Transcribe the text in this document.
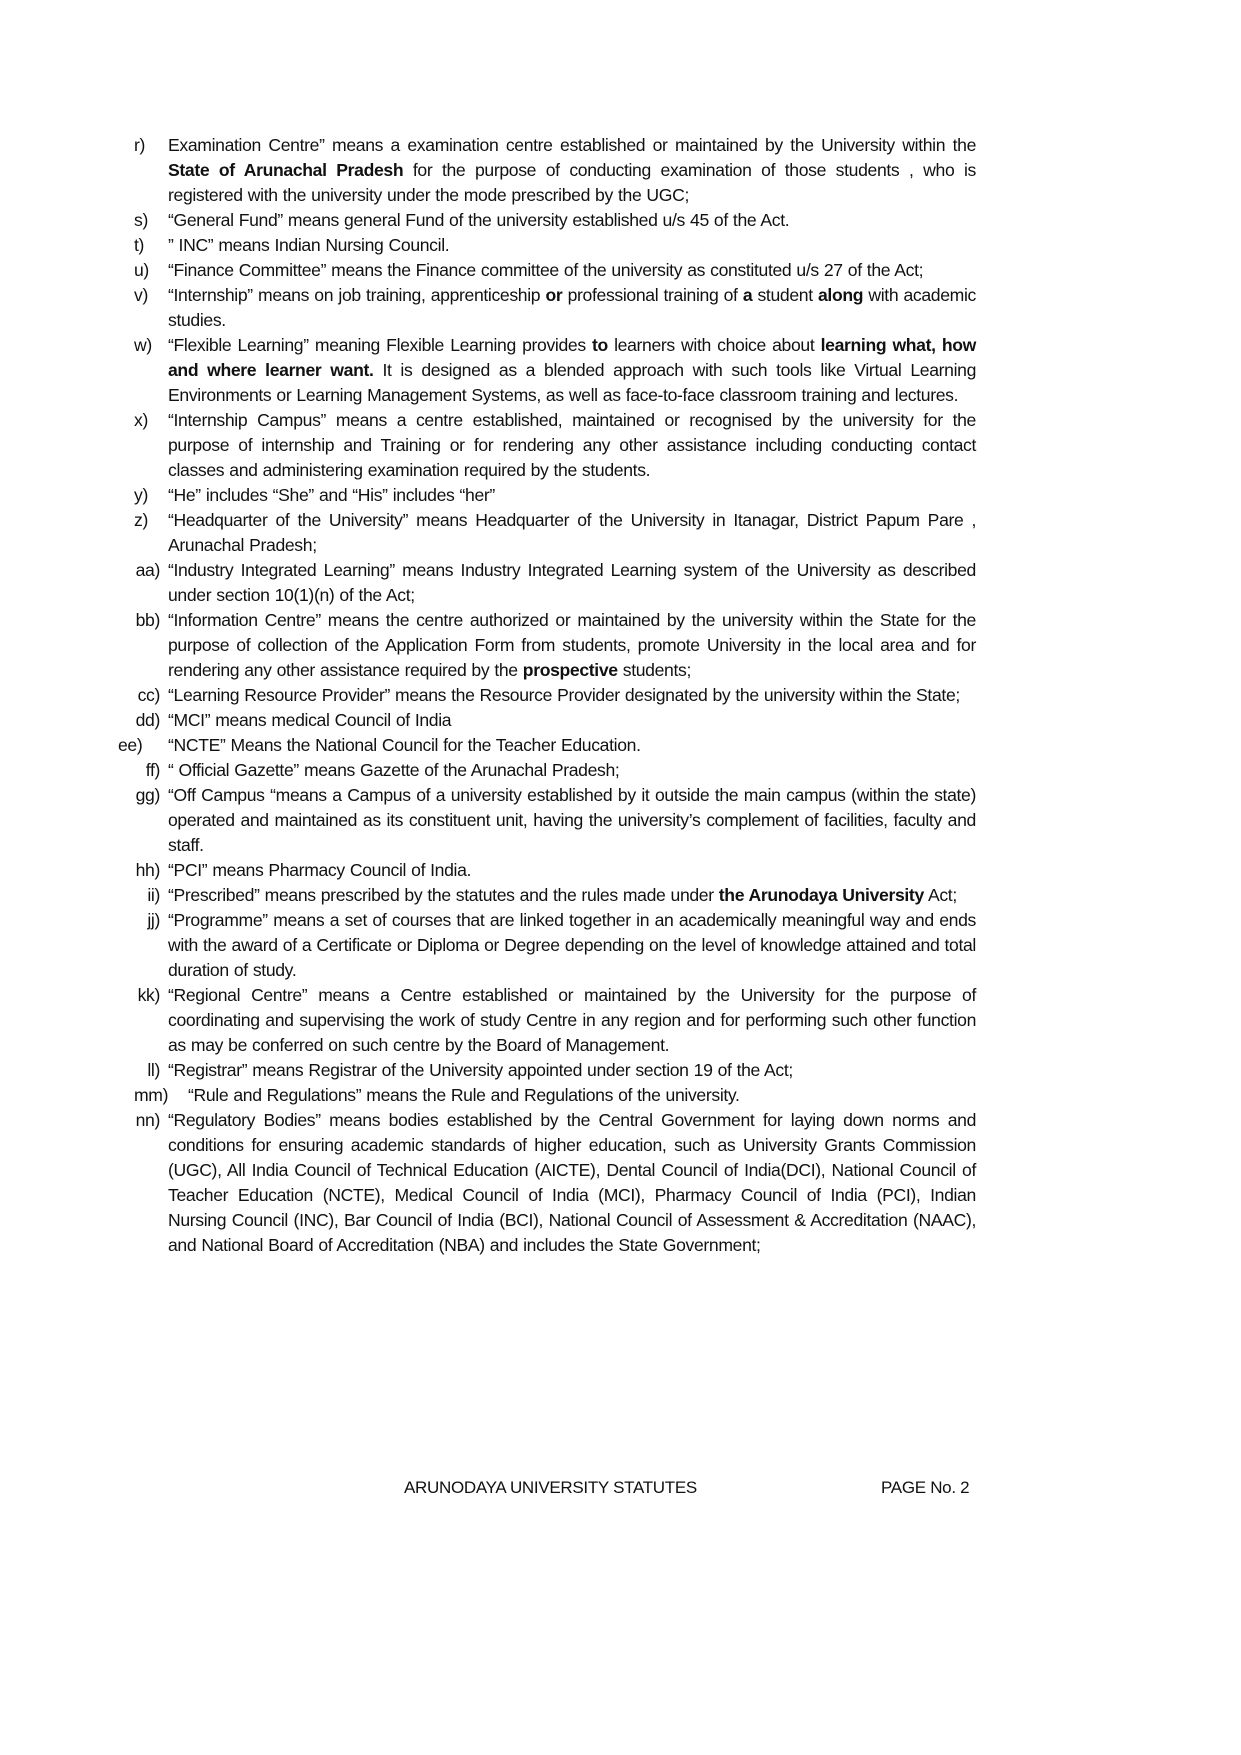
r)	Examination Centre” means a examination centre established or maintained by the University within the State of Arunachal Pradesh for the purpose of conducting examination of those students , who is registered with the university under the mode prescribed by the UGC;
s)	“General Fund” means general Fund of the university established u/s 45 of the Act.
t)	” INC” means Indian Nursing Council.
u)	“Finance Committee” means the Finance committee of the university as constituted u/s 27 of the Act;
v)	“Internship” means on job training, apprenticeship or professional training of a student along with academic studies.
w) “Flexible Learning” meaning Flexible Learning provides to learners with choice about learning what, how and where learner want. It is designed as a blended approach with such tools like Virtual Learning Environments or Learning Management Systems, as well as face-to-face classroom training and lectures.
x)	“Internship Campus” means a centre established, maintained or recognised by the university for the purpose of internship and Training or for rendering any other assistance including conducting contact classes and administering examination required by the students.
y)	“He” includes “She” and “His” includes “her”
z)	“Headquarter of the University” means Headquarter of the University in Itanagar, District Papum Pare , Arunachal Pradesh;
aa) “Industry Integrated Learning” means Industry Integrated Learning system of the University as described under section 10(1)(n) of the Act;
bb) “Information Centre” means the centre authorized or maintained by the university within the State for the purpose of collection of the Application Form from students, promote University in the local area and for rendering any other assistance required by the prospective students;
cc) “Learning Resource Provider” means the Resource Provider designated by the university within the State;
dd) “MCI” means medical Council of India
ee)	“NCTE” Means the National Council for the Teacher Education.
ff) “ Official Gazette” means Gazette of the Arunachal Pradesh;
gg) “Off Campus “means a Campus of a university established by it outside the main campus (within the state) operated and maintained as its constituent unit, having the university’s complement of facilities, faculty and staff.
hh) “PCI” means Pharmacy Council of India.
ii) “Prescribed” means prescribed by the statutes and the rules made under the Arunodaya University Act;
jj) “Programme” means a set of courses that are linked together in an academically meaningful way and ends with the award of a Certificate or Diploma or Degree depending on the level of knowledge attained and total duration of study.
kk) “Regional Centre” means a Centre established or maintained by the University for the purpose of coordinating and supervising the work of study Centre in any region and for performing such other function as may be conferred on such centre by the Board of Management.
ll) “Registrar” means Registrar of the University appointed under section 19 of the Act;
mm)	“Rule and Regulations” means the Rule and Regulations of the university.
nn) “Regulatory Bodies” means bodies established by the Central Government for laying down norms and conditions for ensuring academic standards of higher education, such as University Grants Commission (UGC), All India Council of Technical Education (AICTE), Dental Council of India(DCI), National Council of Teacher Education (NCTE), Medical Council of India (MCI), Pharmacy Council of India (PCI), Indian Nursing Council (INC), Bar Council of India (BCI), National Council of Assessment & Accreditation (NAAC), and National Board of Accreditation (NBA) and includes the State Government;
ARUNODAYA UNIVERSITY STATUTES	PAGE No. 2
